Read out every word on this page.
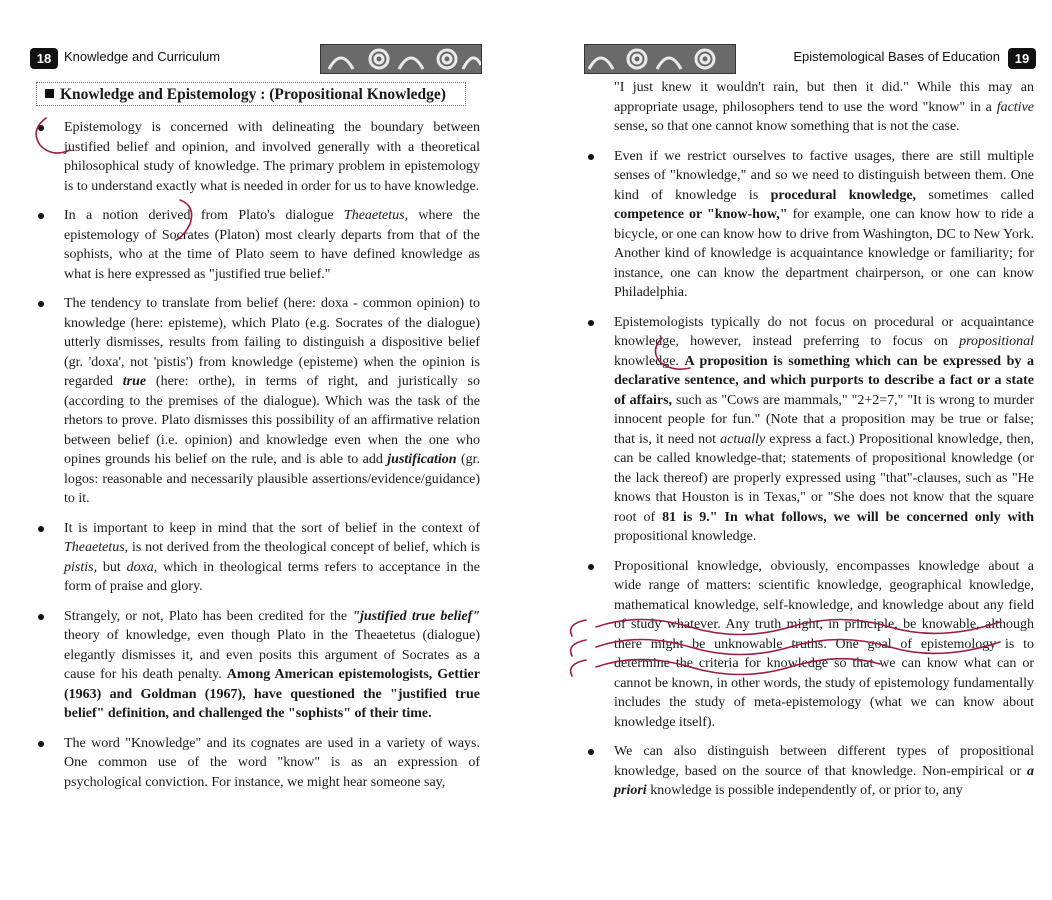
18 Knowledge and Curriculum
Knowledge and Epistemology : (Propositional Knowledge)

Epistemology is concerned with delineating the boundary between justified belief and opinion, and involved generally with a theoretical philosophical study of knowledge. The primary problem in epistemology is to understand exactly what is needed in order for us to have knowledge.

In a notion derived from Plato's dialogue Theaetetus, where the epistemology of Socrates (Platon) most clearly departs from that of the sophists, who at the time of Plato seem to have defined knowledge as what is here expressed as "justified true belief."

The tendency to translate from belief (here: doxa - common opinion) to knowledge (here: episteme), which Plato (e.g. Socrates of the dialogue) utterly dismisses, results from failing to distinguish a dispositive belief (gr. 'doxa', not 'pistis') from knowledge (episteme) when the opinion is regarded true (here: orthe), in terms of right, and juristically so (according to the premises of the dialogue). Which was the task of the rhetors to prove. Plato dismisses this possibility of an affirmative relation between belief (i.e. opinion) and knowledge even when the one who opines grounds his belief on the rule, and is able to add justification (gr. logos: reasonable and necessarily plausible assertions/evidence/guidance) to it.

It is important to keep in mind that the sort of belief in the context of Theaetetus, is not derived from the theological concept of belief, which is pistis, but doxa, which in theological terms refers to acceptance in the form of praise and glory.

Strangely, or not, Plato has been credited for the "justified true belief" theory of knowledge, even though Plato in the Theaetetus (dialogue) elegantly dismisses it, and even posits this argument of Socrates as a cause for his death penalty. Among American epistemologists, Gettier (1963) and Goldman (1967), have questioned the "justified true belief" definition, and challenged the "sophists" of their time.

The word "Knowledge" and its cognates are used in a variety of ways. One common use of the word "know" is as an expression of psychological conviction. For instance, we might hear someone say,

Epistemological Bases of Education	19

"I just knew it wouldn't rain, but then it did." While this may an appropriate usage, philosophers tend to use the word "know" in a factive sense, so that one cannot know something that is not the case.

Even if we restrict ourselves to factive usages, there are still multiple senses of "knowledge," and so we need to distinguish between them. One kind of knowledge is procedural knowledge, sometimes called competence or "know-how," for example, one can know how to ride a bicycle, or one can know how to drive from Washington, DC to New York. Another kind of knowledge is acquaintance knowledge or familiarity; for instance, one can know the department chairperson, or one can know Philadelphia.

Epistemologists typically do not focus on procedural or acquaintance knowledge, however, instead preferring to focus on propositional knowledge. A proposition is something which can be expressed by a declarative sentence, and which purports to describe a fact or a state of affairs, such as "Cows are mammals," "2+2=7," "It is wrong to murder innocent people for fun." (Note that a proposition may be true or false; that is, it need not actually express a fact.) Propositional knowledge, then, can be called knowledge-that; statements of propositional knowledge (or the lack thereof) are properly expressed using "that"-clauses, such as "He knows that Houston is in Texas," or "She does not know that the square root of 81 is 9." In what follows, we will be concerned only with propositional knowledge.

Propositional knowledge, obviously, encompasses knowledge about a wide range of matters: scientific knowledge, geographical knowledge, mathematical knowledge, self-knowledge, and knowledge about any field of study whatever. Any truth might, in principle, be knowable, although there might be unknowable truths. One goal of epistemology is to determine the criteria for knowledge so that we can know what can or cannot be known, in other words, the study of epistemology fundamentally includes the study of meta-epistemology (what we can know about knowledge itself).

We can also distinguish between different types of propositional knowledge, based on the source of that knowledge. Non-empirical or a priori knowledge is possible independently of, or prior to, any
